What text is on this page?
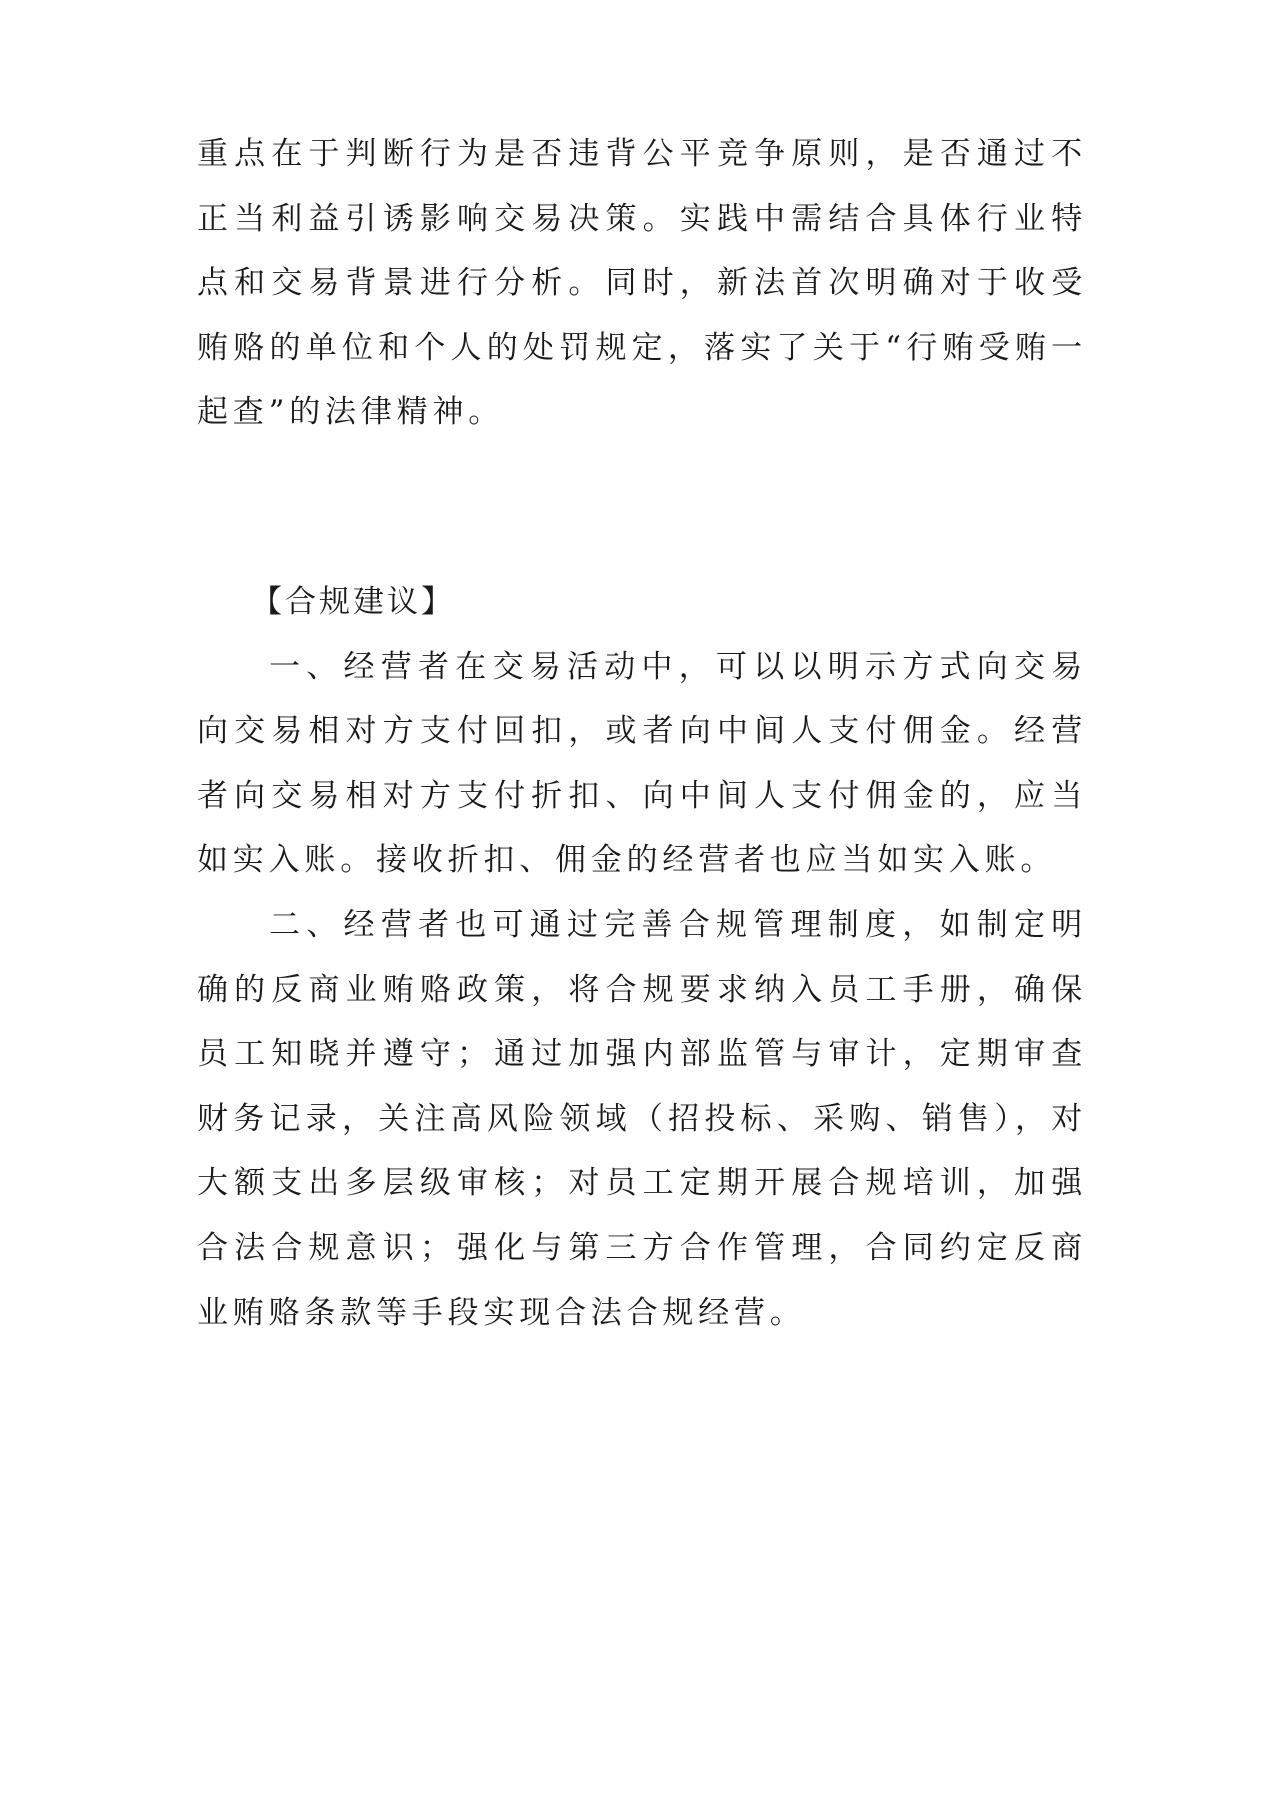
重点在于判断行为是否违背公平竞争原则，是否通过不正当利益引诱影响交易决策。实践中需结合具体行业特点和交易背景进行分析。同时，新法首次明确对于收受贿赂的单位和个人的处罚规定，落实了关于“行贿受贿一起查”的法律精神。

【合规建议】

一、经营者在交易活动中，可以以明示方式向交易向交易相对方支付回扣，或者向中间人支付佣金。经营者向交易相对方支付折扣、向中间人支付佣金的，应当如实入账。接收折扣、佣金的经营者也应当如实入账。

二、经营者也可通过完善合规管理制度，如制定明确的反商业贿赂政策，将合规要求纳入员工手册，确保员工知晓并遵守；通过加强内部监管与审计，定期审查财务记录，关注高风险领域（招投标、采购、销售），对大额支出多层级审核；对员工定期开展合规培训，加强合法合规意识；强化与第三方合作管理，合同约定反商业贿赂条款等手段实现合法合规经营。
